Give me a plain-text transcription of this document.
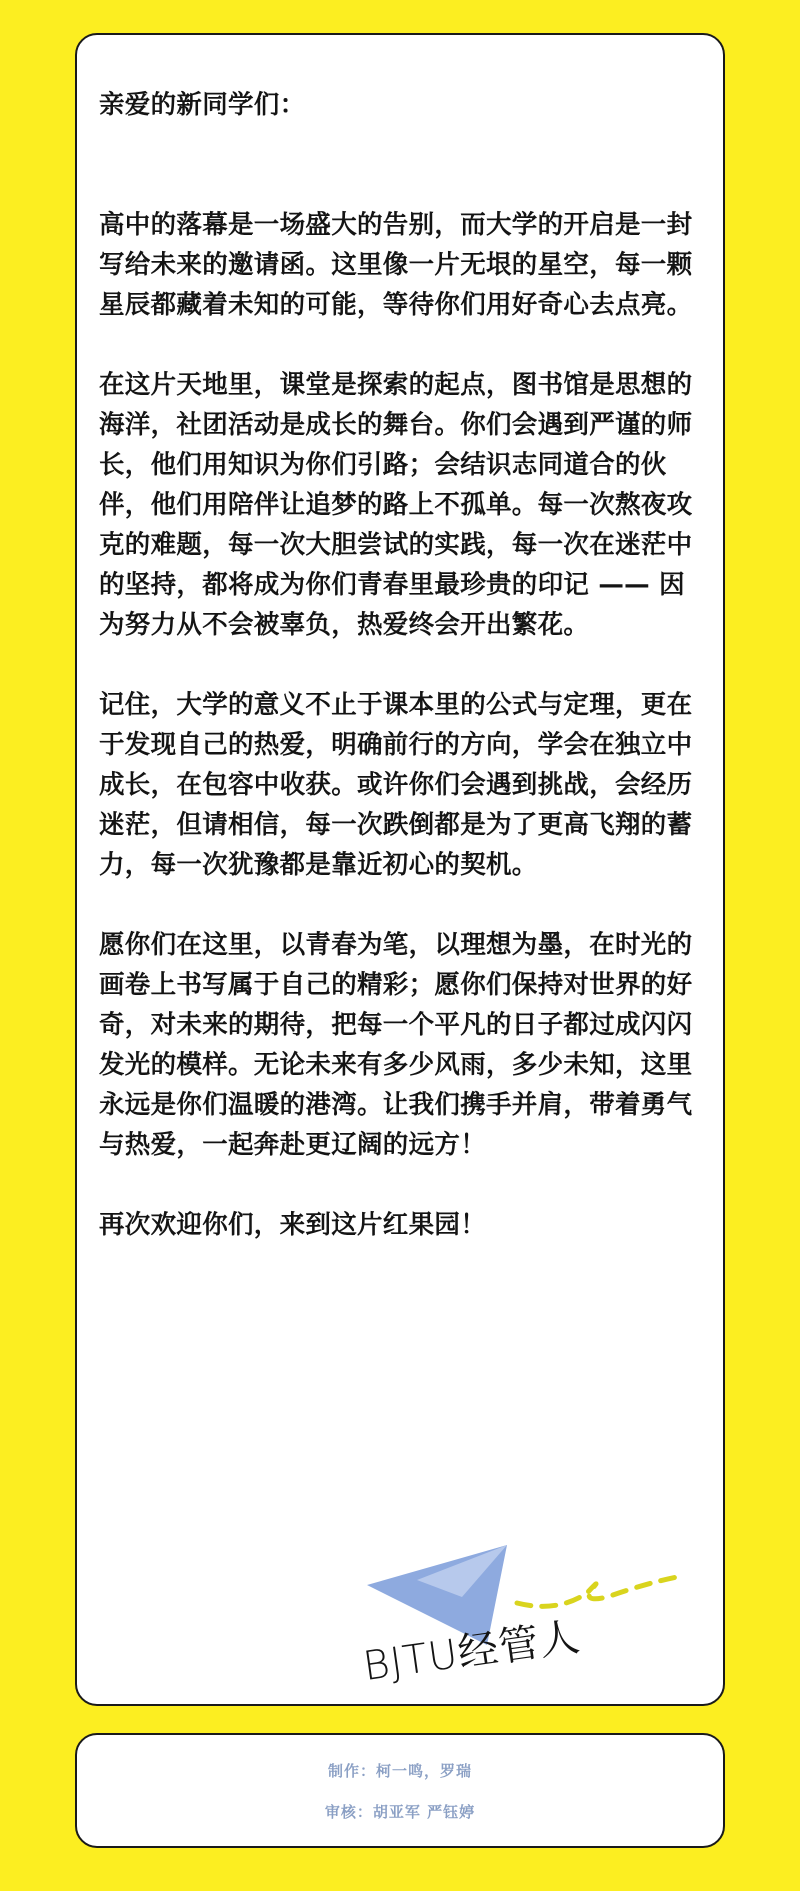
亲爱的新同学们：

高中的落幕是一场盛大的告别，而大学的开启是一封写给未来的邀请函。这里像一片无垠的星空，每一颗星辰都藏着未知的可能，等待你们用好奇心去点亮。

在这片天地里，课堂是探索的起点，图书馆是思想的海洋，社团活动是成长的舞台。你们会遇到严谨的师长，他们用知识为你们引路；会结识志同道合的伙伴，他们用陪伴让追梦的路上不孤单。每一次熬夜攻克的难题，每一次大胆尝试的实践，每一次在迷茫中的坚持，都将成为你们青春里最珍贵的印记 —— 因为努力从不会被辜负，热爱终会开出繁花。

记住，大学的意义不止于课本里的公式与定理，更在于发现自己的热爱，明确前行的方向，学会在独立中成长，在包容中收获。或许你们会遇到挑战，会经历迷茫，但请相信，每一次跌倒都是为了更高飞翔的蓄力，每一次犹豫都是靠近初心的契机。

愿你们在这里，以青春为笔，以理想为墨，在时光的画卷上书写属于自己的精彩；愿你们保持对世界的好奇，对未来的期待，把每一个平凡的日子都过成闪闪发光的模样。无论未来有多少风雨，多少未知，这里永远是你们温暖的港湾。让我们携手并肩，带着勇气与热爱，一起奔赴更辽阔的远方！

再次欢迎你们，来到这片红果园！

BJTU经管人
制作：柯一鸣，罗瑞
审核：胡亚军 严钰婷
